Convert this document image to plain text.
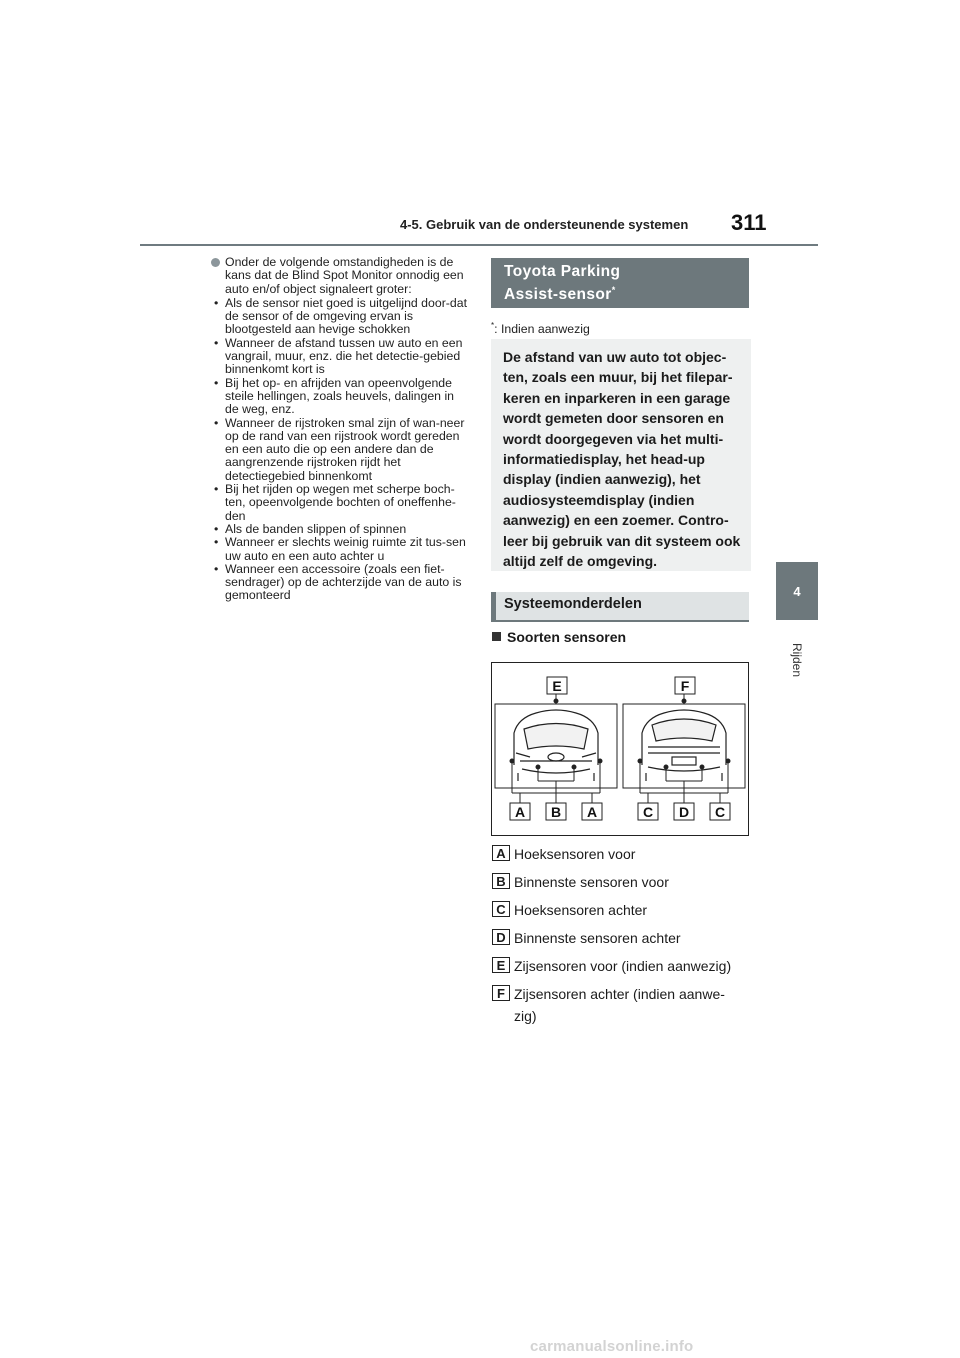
4-5. Gebruik van de ondersteunende systemen 311
4
Rijden
Onder de volgende omstandigheden is de kans dat de Blind Spot Monitor onnodig een auto en/of object signaleert groter:
• Als de sensor niet goed is uitgelijnd door-dat de sensor of de omgeving ervan is blootgesteld aan hevige schokken
• Wanneer de afstand tussen uw auto en een vangrail, muur, enz. die het detectie-gebied binnenkomt kort is
• Bij het op- en afrijden van opeenvolgende steile hellingen, zoals heuvels, dalingen in de weg, enz.
• Wanneer de rijstroken smal zijn of wan-neer op de rand van een rijstrook wordt gereden en een auto die op een andere dan de aangrenzende rijstroken rijdt het detectiegebied binnenkomt
• Bij het rijden op wegen met scherpe boch-ten, opeenvolgende bochten of oneffenhe-den
• Als de banden slippen of spinnen
• Wanneer er slechts weinig ruimte zit tus-sen uw auto en een auto achter u
• Wanneer een accessoire (zoals een fiet-sendrager) op de achterzijde van de auto is gemonteerd
Toyota Parking
Assist-sensor*
*: Indien aanwezig
De afstand van uw auto tot objec-ten, zoals een muur, bij het filepar-keren en inparkeren in een garage wordt gemeten door sensoren en wordt doorgegeven via het multi-informatiedisplay, het head-up display (indien aanwezig), het audiosysteemdisplay (indien aanwezig) en een zoemer. Contro-leer bij gebruik van dit systeem ook altijd zelf de omgeving.
Systeemonderdelen
Soorten sensoren
E	F
A B A	C D C
A Hoeksensoren voor
B Binnenste sensoren voor
C Hoeksensoren achter
D Binnenste sensoren achter
E Zijsensoren voor (indien aanwezig)
F Zijsensoren achter (indien aanwe-zig)
carmanualsonline.info
